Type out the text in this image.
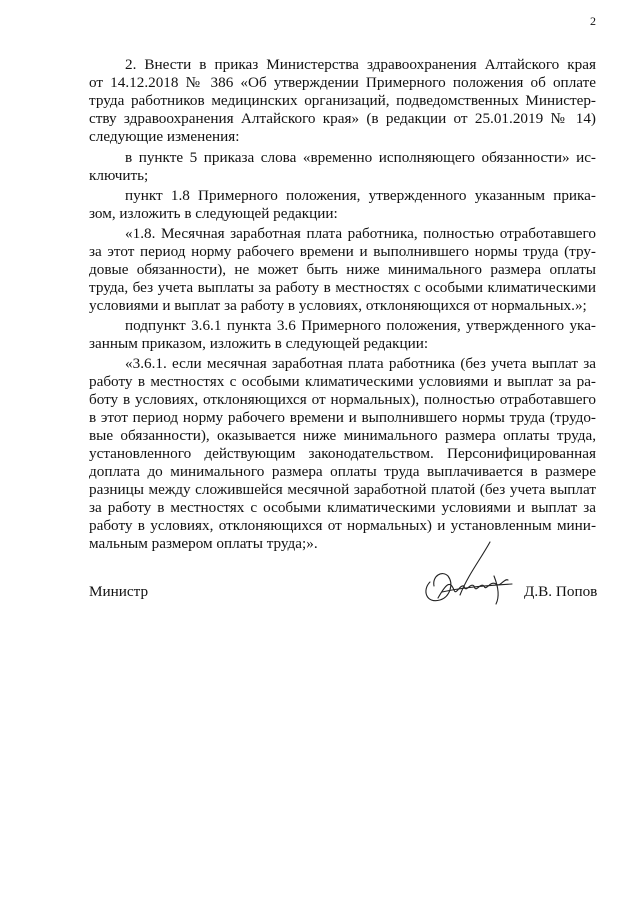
2
2. Внести в приказ Министерства здравоохранения Алтайского края
от 14.12.2018 № 386 «Об утверждении Примерного положения об оплате
труда работников медицинских организаций, подведомственных Министер-
ству здравоохранения Алтайского края» (в редакции от 25.01.2019 № 14)
следующие изменения:
в пункте 5 приказа слова «временно исполняющего обязанности» ис-
ключить;
пункт 1.8 Примерного положения, утвержденного указанным прика-
зом, изложить в следующей редакции:
«1.8. Месячная заработная плата работника, полностью отработавшего
за этот период норму рабочего времени и выполнившего нормы труда (тру-
довые обязанности), не может быть ниже минимального размера оплаты
труда, без учета выплаты за работу в местностях с особыми климатическими
условиями и выплат за работу в условиях, отклоняющихся от нормальных.»;
подпункт 3.6.1 пункта 3.6 Примерного положения, утвержденного ука-
занным приказом, изложить в следующей редакции:
«3.6.1. если месячная заработная плата работника (без учета выплат за
работу в местностях с особыми климатическими условиями и выплат за ра-
боту в условиях, отклоняющихся от нормальных), полностью отработавшего
в этот период норму рабочего времени и выполнившего нормы труда (трудо-
вые обязанности), оказывается ниже минимального размера оплаты труда,
установленного действующим законодательством. Персонифицированная
доплата до минимального размера оплаты труда выплачивается в размере
разницы между сложившейся месячной заработной платой (без учета выплат
за работу в местностях с особыми климатическими условиями и выплат за
работу в условиях, отклоняющихся от нормальных) и установленным мини-
мальным размером оплаты труда;».
Министр	Д.В. Попов
